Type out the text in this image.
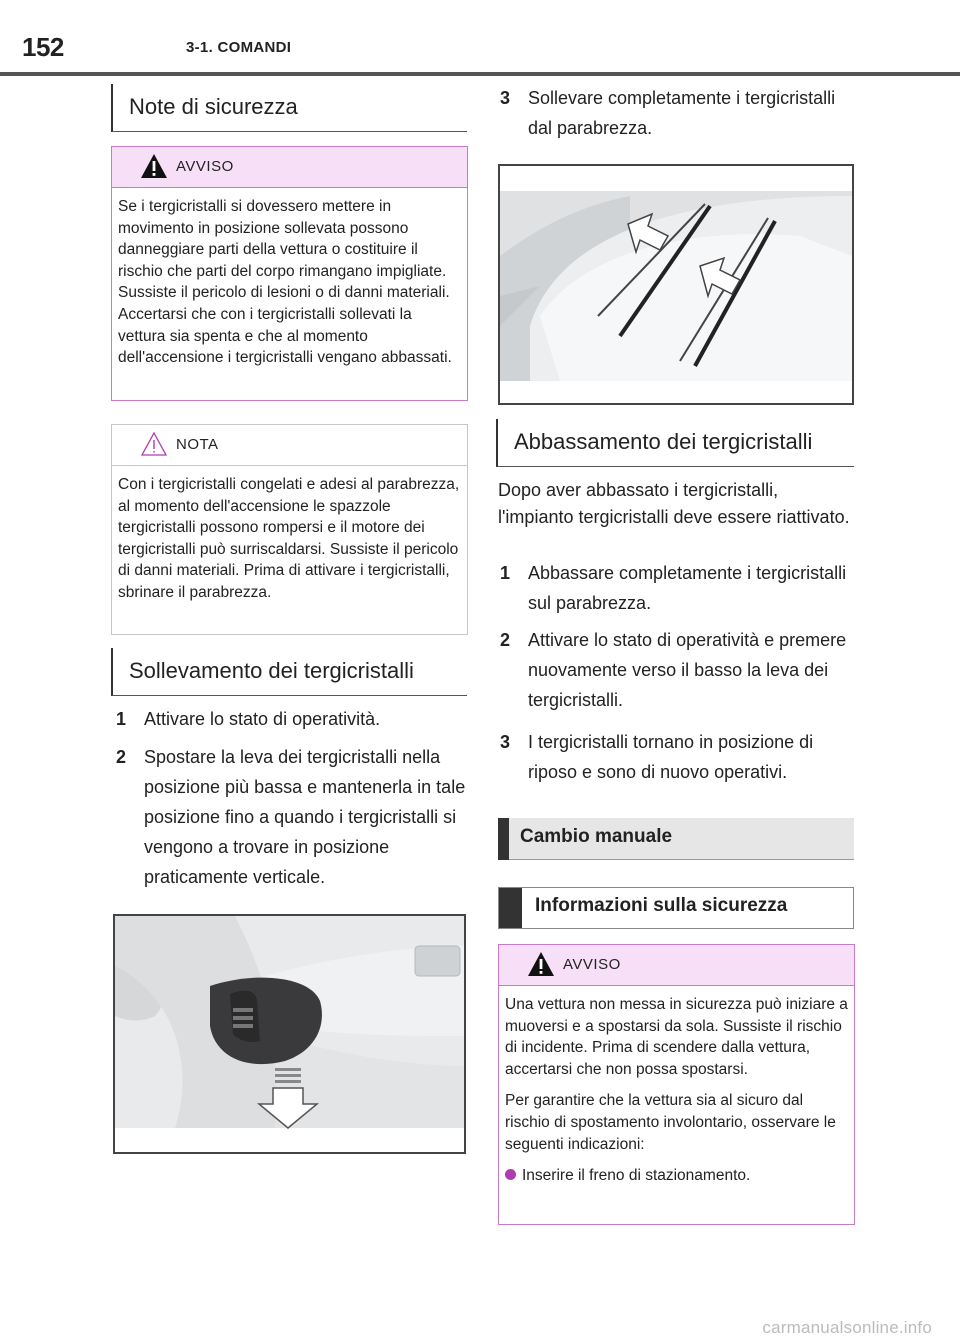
152	3-1. COMANDI
Note di sicurezza
AVVISO
Se i tergicristalli si dovessero mettere in movimento in posizione sollevata possono danneggiare parti della vettura o costituire il rischio che parti del corpo rimangano impigliate. Sussiste il pericolo di lesioni o di danni materiali. Accertarsi che con i tergicristalli sollevati la vettura sia spenta e che al momento dell'accensione i tergicristalli vengano abbassati.
NOTA
Con i tergicristalli congelati e adesi al parabrezza, al momento dell'accensione le spazzole tergicristalli possono rompersi e il motore dei tergicristalli può surriscaldarsi. Sussiste il pericolo di danni materiali. Prima di attivare i tergicristalli, sbrinare il parabrezza.
Sollevamento dei tergicristalli
1 Attivare lo stato di operatività.
2 Spostare la leva dei tergicristalli nella posizione più bassa e mantenerla in tale posizione fino a quando i tergicristalli si vengono a trovare in posizione praticamente verticale.
3 Sollevare completamente i tergicristalli dal parabrezza.
Abbassamento dei tergicristalli
Dopo aver abbassato i tergicristalli, l'impianto tergicristalli deve essere riattivato.
1 Abbassare completamente i tergicristalli sul parabrezza.
2 Attivare lo stato di operatività e premere nuovamente verso il basso la leva dei tergicristalli.
3 I tergicristalli tornano in posizione di riposo e sono di nuovo operativi.
Cambio manuale
Informazioni sulla sicurezza
AVVISO

Una vettura non messa in sicurezza può iniziare a muoversi e a spostarsi da sola. Sussiste il rischio di incidente. Prima di scendere dalla vettura, accertarsi che non possa spostarsi.

Per garantire che la vettura sia al sicuro dal rischio di spostamento involontario, osservare le seguenti indicazioni:

Inserire il freno di stazionamento.

carmanualsonline.info
